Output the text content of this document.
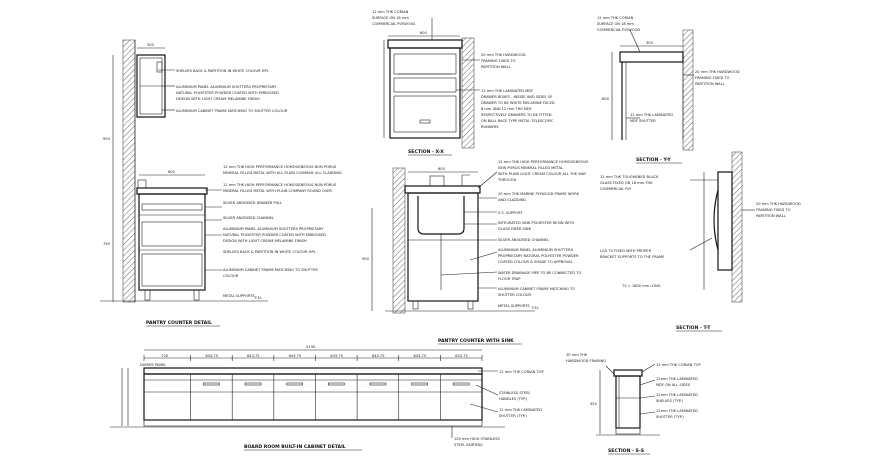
300
900
750
600
SHELVES BACK & PARTITION IN WHITE COLOUR HPL
ALUMINIUM PANEL ALUMINIUM SHUTTERS PROPRIETARY
NATURAL POLYESTER POWDER COATED WITH EMBOSSED
DESIGN WITH LIGHT CREAM MELAMINE FINISH
ALUMINIUM CABINET FRAME MATCHING TO SHUTTER COLOUR
12 mm THK HIGH PERFORMANCE HOMOGENEOUS NON PORUS
MINERAL FILLED METAL WITH ALL PLAIN COMPANY ALL CLADDING
12 mm THK HIGH PERFORMANCE HOMOGENEOUS NON PORUS
MINERAL FILLED METAL WITH PLAIN COMPANY ROUND OVER
SILVER ANODISED DRAWER PULL
SILVER ANODISED CHANNEL
ALUMINIUM PANEL ALUMINIUM SHUTTERS PROPRIETARY
NATURAL POLYESTER POWDER COATED WITH EMBOSSED
DESIGN WITH LIGHT CREAM MELAMINE FINISH
SHELVES BACK & PARTITION IN WHITE COLOUR HPL
ALUMINIUM CABINET FRAME MATCHING TO SHUTTER
COLOUR
METAL SUPPORTS F.F.L
PANTRY COUNTER DETAIL
600
12 mm THK CORIAN
SURFACE ON 18 mm
COMMERCIAL PLYWOOD
20 mm THK HARDWOOD
FRAMING FIXED TO
PARTITION WALL
12 mm THK LAMINATED MDF
DRAWER BOXES - INSIDE AND SIDES OF
DRAWER TO BE WHITE MELAMINE FACED
6 mm AND 12 mm THK MDF
RESPECTIVELY DRAWERS TO BE FITTED
ON BALL RACE TYPE METAL TELESCOPIC
RUNNERS
SECTION - X-X
600
300
12 mm THK CORIAN
SURFACE ON 18 mm
COMMERCIAL PLYWOOD
20 mm THK HARDWOOD
FRAMING FIXED TO
PARTITION WALL
12 mm THK LAMINATED
MDF SHUTTER
SECTION - Y-Y
900
600
12 mm THK HIGH PERFORMANCE HOMOGENEOUS
NON PORUS MINERAL FILLED METAL
WITH PLAIN LIGHT CREAM COLOUR ALL THE WAY
THROUGH
20 mm THK MARINE PLYWOOD FRAME WORK
AND CLADDING
S.S. SUPPORT
INTEGRATED SINK POLYESTER RESIN WITH
GLASS FIBER SINK
SILVER ANODISED CHANNEL
ALUMINIUM PANEL ALUMINIUM SHUTTERS
PROPRIETARY NATURAL POLYESTER POWDER
COATED COLOUR & SHADE TO APPROVAL
WATER DRAINAGE PIPE TO BE CONNECTED TO
FLOOR TRAP
ALUMINIUM CABINET FRAME MATCHING TO
SHUTTER COLOUR
METAL SUPPORTS F.F.L
PANTRY COUNTER WITH SINK
12 mm THK TOUGHENED BLACK
GLASS FIXED ON 18 mm THK
COMMERCIAL PLY
20 mm THK HARDWOOD
FRAMING FIXED TO
PARTITION WALL
LCD TV FIXED WITH PROPER
BRACKET SUPPORTS TO THE FRAME
TV = 1800 mm LONG
SECTION - T-T
5130
720	643.75	643.75	643.75	643.75	643.75	643.75	643.75
DUMMY PANEL
12 mm THK CORIAN TOP
STAINLESS STEEL
HANDLES (TYP.)
12 mm THK LAMINATED
SHUTTER (TYP.)
100 mm HIGH STAINLESS
STEEL SKIRTING
BOARD ROOM BUILT-IN CABINET DETAIL
450
20 mm THK
HARDWOOD FRAMING
12 mm THK CORIAN TOP
12mm THK LAMINATED
MDF ON ALL SIDES
12mm THK LAMINATED
SHELVES (TYP.)
12mm THK LAMINATED
SHUTTER (TYP.)
SECTION - S-S
